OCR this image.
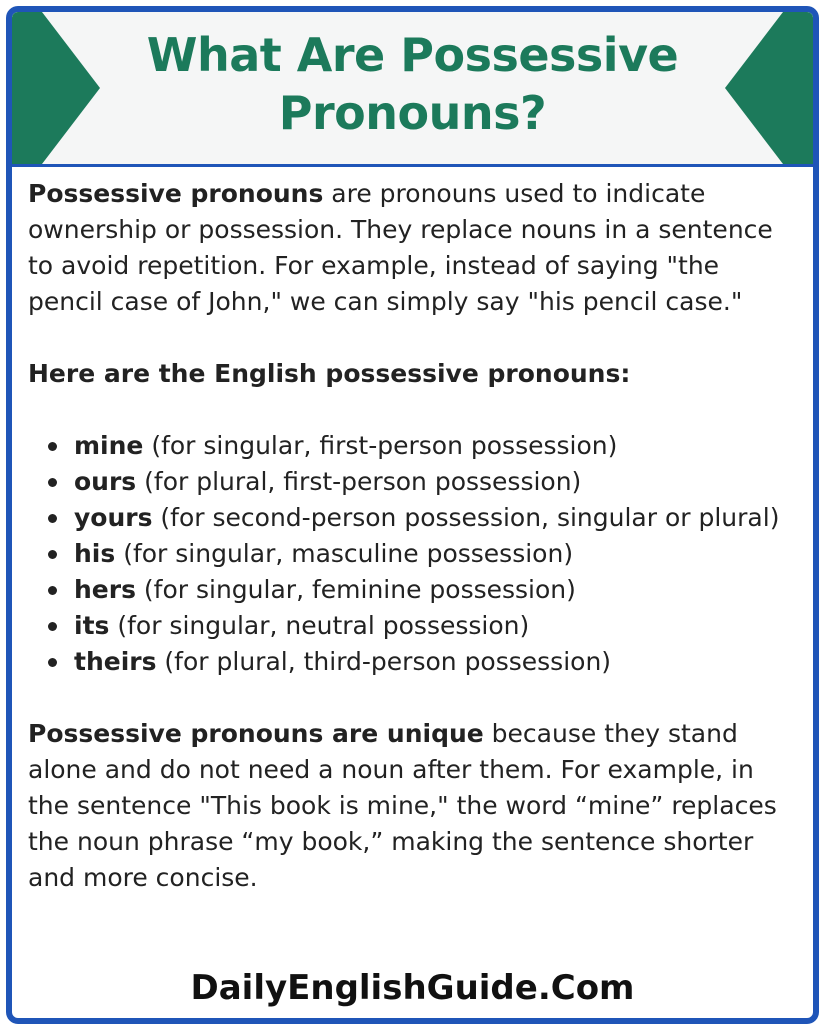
What Are Possessive Pronouns?

Possessive pronouns are pronouns used to indicate ownership or possession. They replace nouns in a sentence to avoid repetition. For example, instead of saying "the pencil case of John," we can simply say "his pencil case."

Here are the English possessive pronouns:

mine (for singular, first-person possession)
ours (for plural, first-person possession)
yours (for second-person possession, singular or plural)
his (for singular, masculine possession)
hers (for singular, feminine possession)
its (for singular, neutral possession)
theirs (for plural, third-person possession)

Possessive pronouns are unique because they stand alone and do not need a noun after them. For example, in the sentence "This book is mine," the word “mine” replaces the noun phrase “my book,” making the sentence shorter and more concise.

DailyEnglishGuide.Com
